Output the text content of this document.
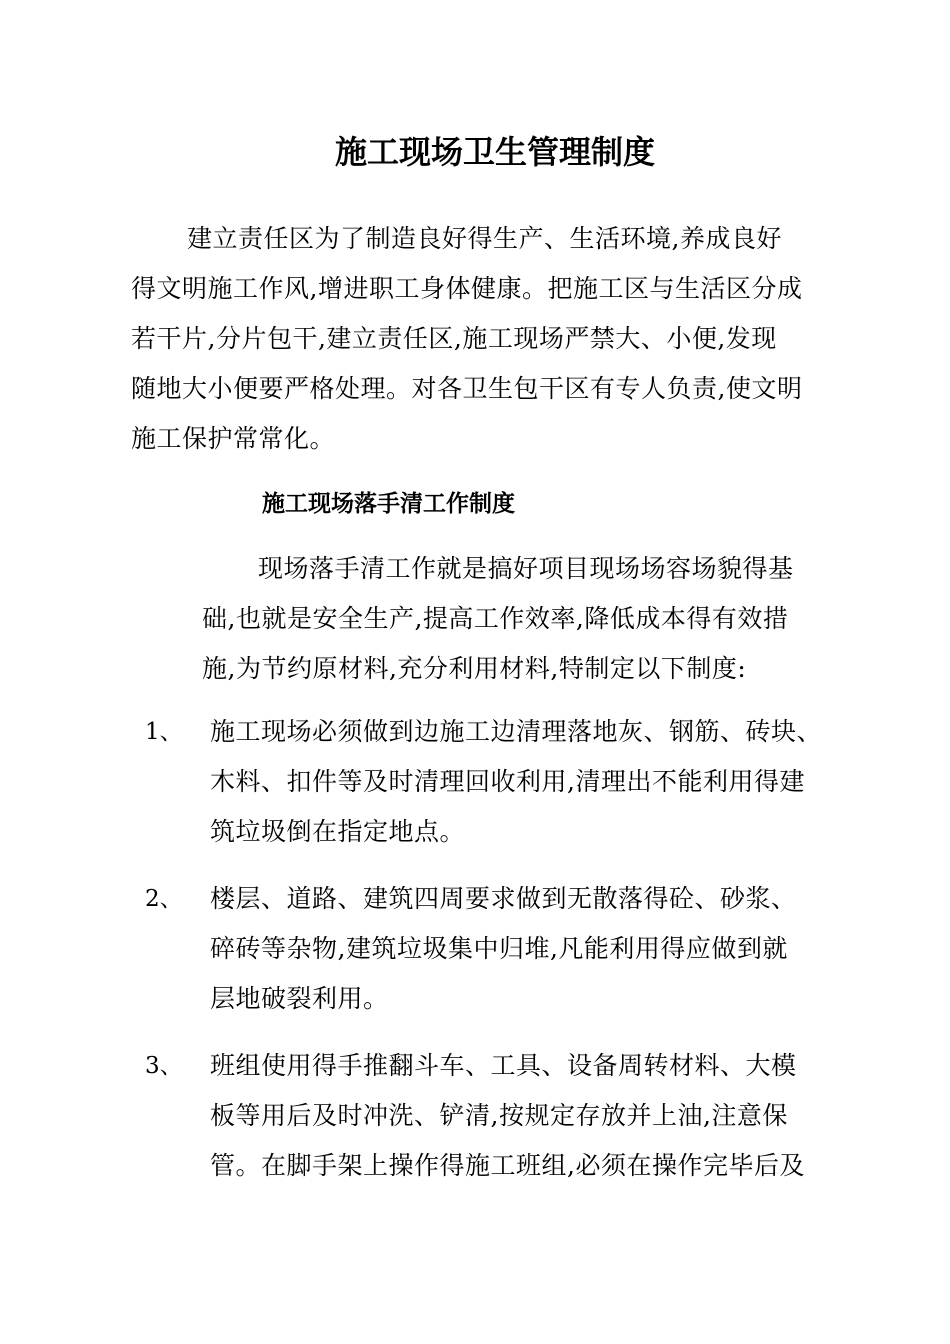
施工现场卫生管理制度
建立责任区为了制造良好得生产、生活环境,养成良好
得文明施工作风,增进职工身体健康。把施工区与生活区分成
若干片,分片包干,建立责任区,施工现场严禁大、小便,发现
随地大小便要严格处理。对各卫生包干区有专人负责,使文明
施工保护常常化。
施工现场落手清工作制度
现场落手清工作就是搞好项目现场场容场貌得基
础,也就是安全生产,提高工作效率,降低成本得有效措
施,为节约原材料,充分利用材料,特制定以下制度:
1、 施工现场必须做到边施工边清理落地灰、钢筋、砖块、
木料、扣件等及时清理回收利用,清理出不能利用得建
筑垃圾倒在指定地点。
2、 楼层、道路、建筑四周要求做到无散落得砼、砂浆、
碎砖等杂物,建筑垃圾集中归堆,凡能利用得应做到就
层地破裂利用。
3、 班组使用得手推翻斗车、工具、设备周转材料、大模
板等用后及时冲洗、铲清,按规定存放并上油,注意保
管。在脚手架上操作得施工班组,必须在操作完毕后及
